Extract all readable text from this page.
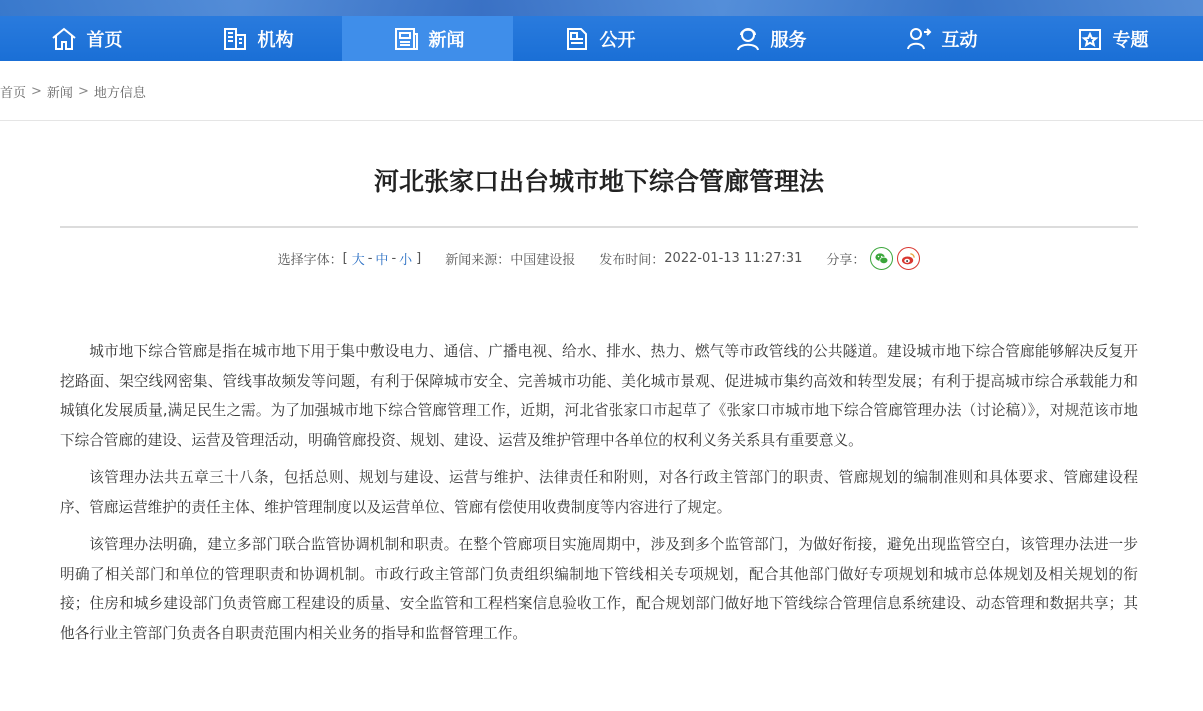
首页	机构	新闻	公开	服务	互动	专题
首页 > 新闻 > 地方信息
河北张家口出台城市地下综合管廊管理法
选择字体： [ 大 - 中 - 小 ] 新闻来源： 中国建设报 发布时间： 2022-01-13 11:27:31 分享：

城市地下综合管廊是指在城市地下用于集中敷设电力、通信、广播电视、给水、排水、热力、燃气等市政管线的公共隧道。建设城市地下综合管廊能够解决反复开挖路面、架空线网密集、管线事故频发等问题，有利于保障城市安全、完善城市功能、美化城市景观、促进城市集约高效和转型发展；有利于提高城市综合承载能力和城镇化发展质量,满足民生之需。为了加强城市地下综合管廊管理工作，近期，河北省张家口市起草了《张家口市城市地下综合管廊管理办法（讨论稿）》，对规范该市地下综合管廊的建设、运营及管理活动，明确管廊投资、规划、建设、运营及维护管理中各单位的权利义务关系具有重要意义。

该管理办法共五章三十八条，包括总则、规划与建设、运营与维护、法律责任和附则，对各行政主管部门的职责、管廊规划的编制准则和具体要求、管廊建设程序、管廊运营维护的责任主体、维护管理制度以及运营单位、管廊有偿使用收费制度等内容进行了规定。

该管理办法明确，建立多部门联合监管协调机制和职责。在整个管廊项目实施周期中，涉及到多个监管部门，为做好衔接，避免出现监管空白，该管理办法进一步明确了相关部门和单位的管理职责和协调机制。市政行政主管部门负责组织编制地下管线相关专项规划，配合其他部门做好专项规划和城市总体规划及相关规划的衔接；住房和城乡建设部门负责管廊工程建设的质量、安全监管和工程档案信息验收工作，配合规划部门做好地下管线综合管理信息系统建设、动态管理和数据共享；其他各行业主管部门负责各自职责范围内相关业务的指导和监督管理工作。
